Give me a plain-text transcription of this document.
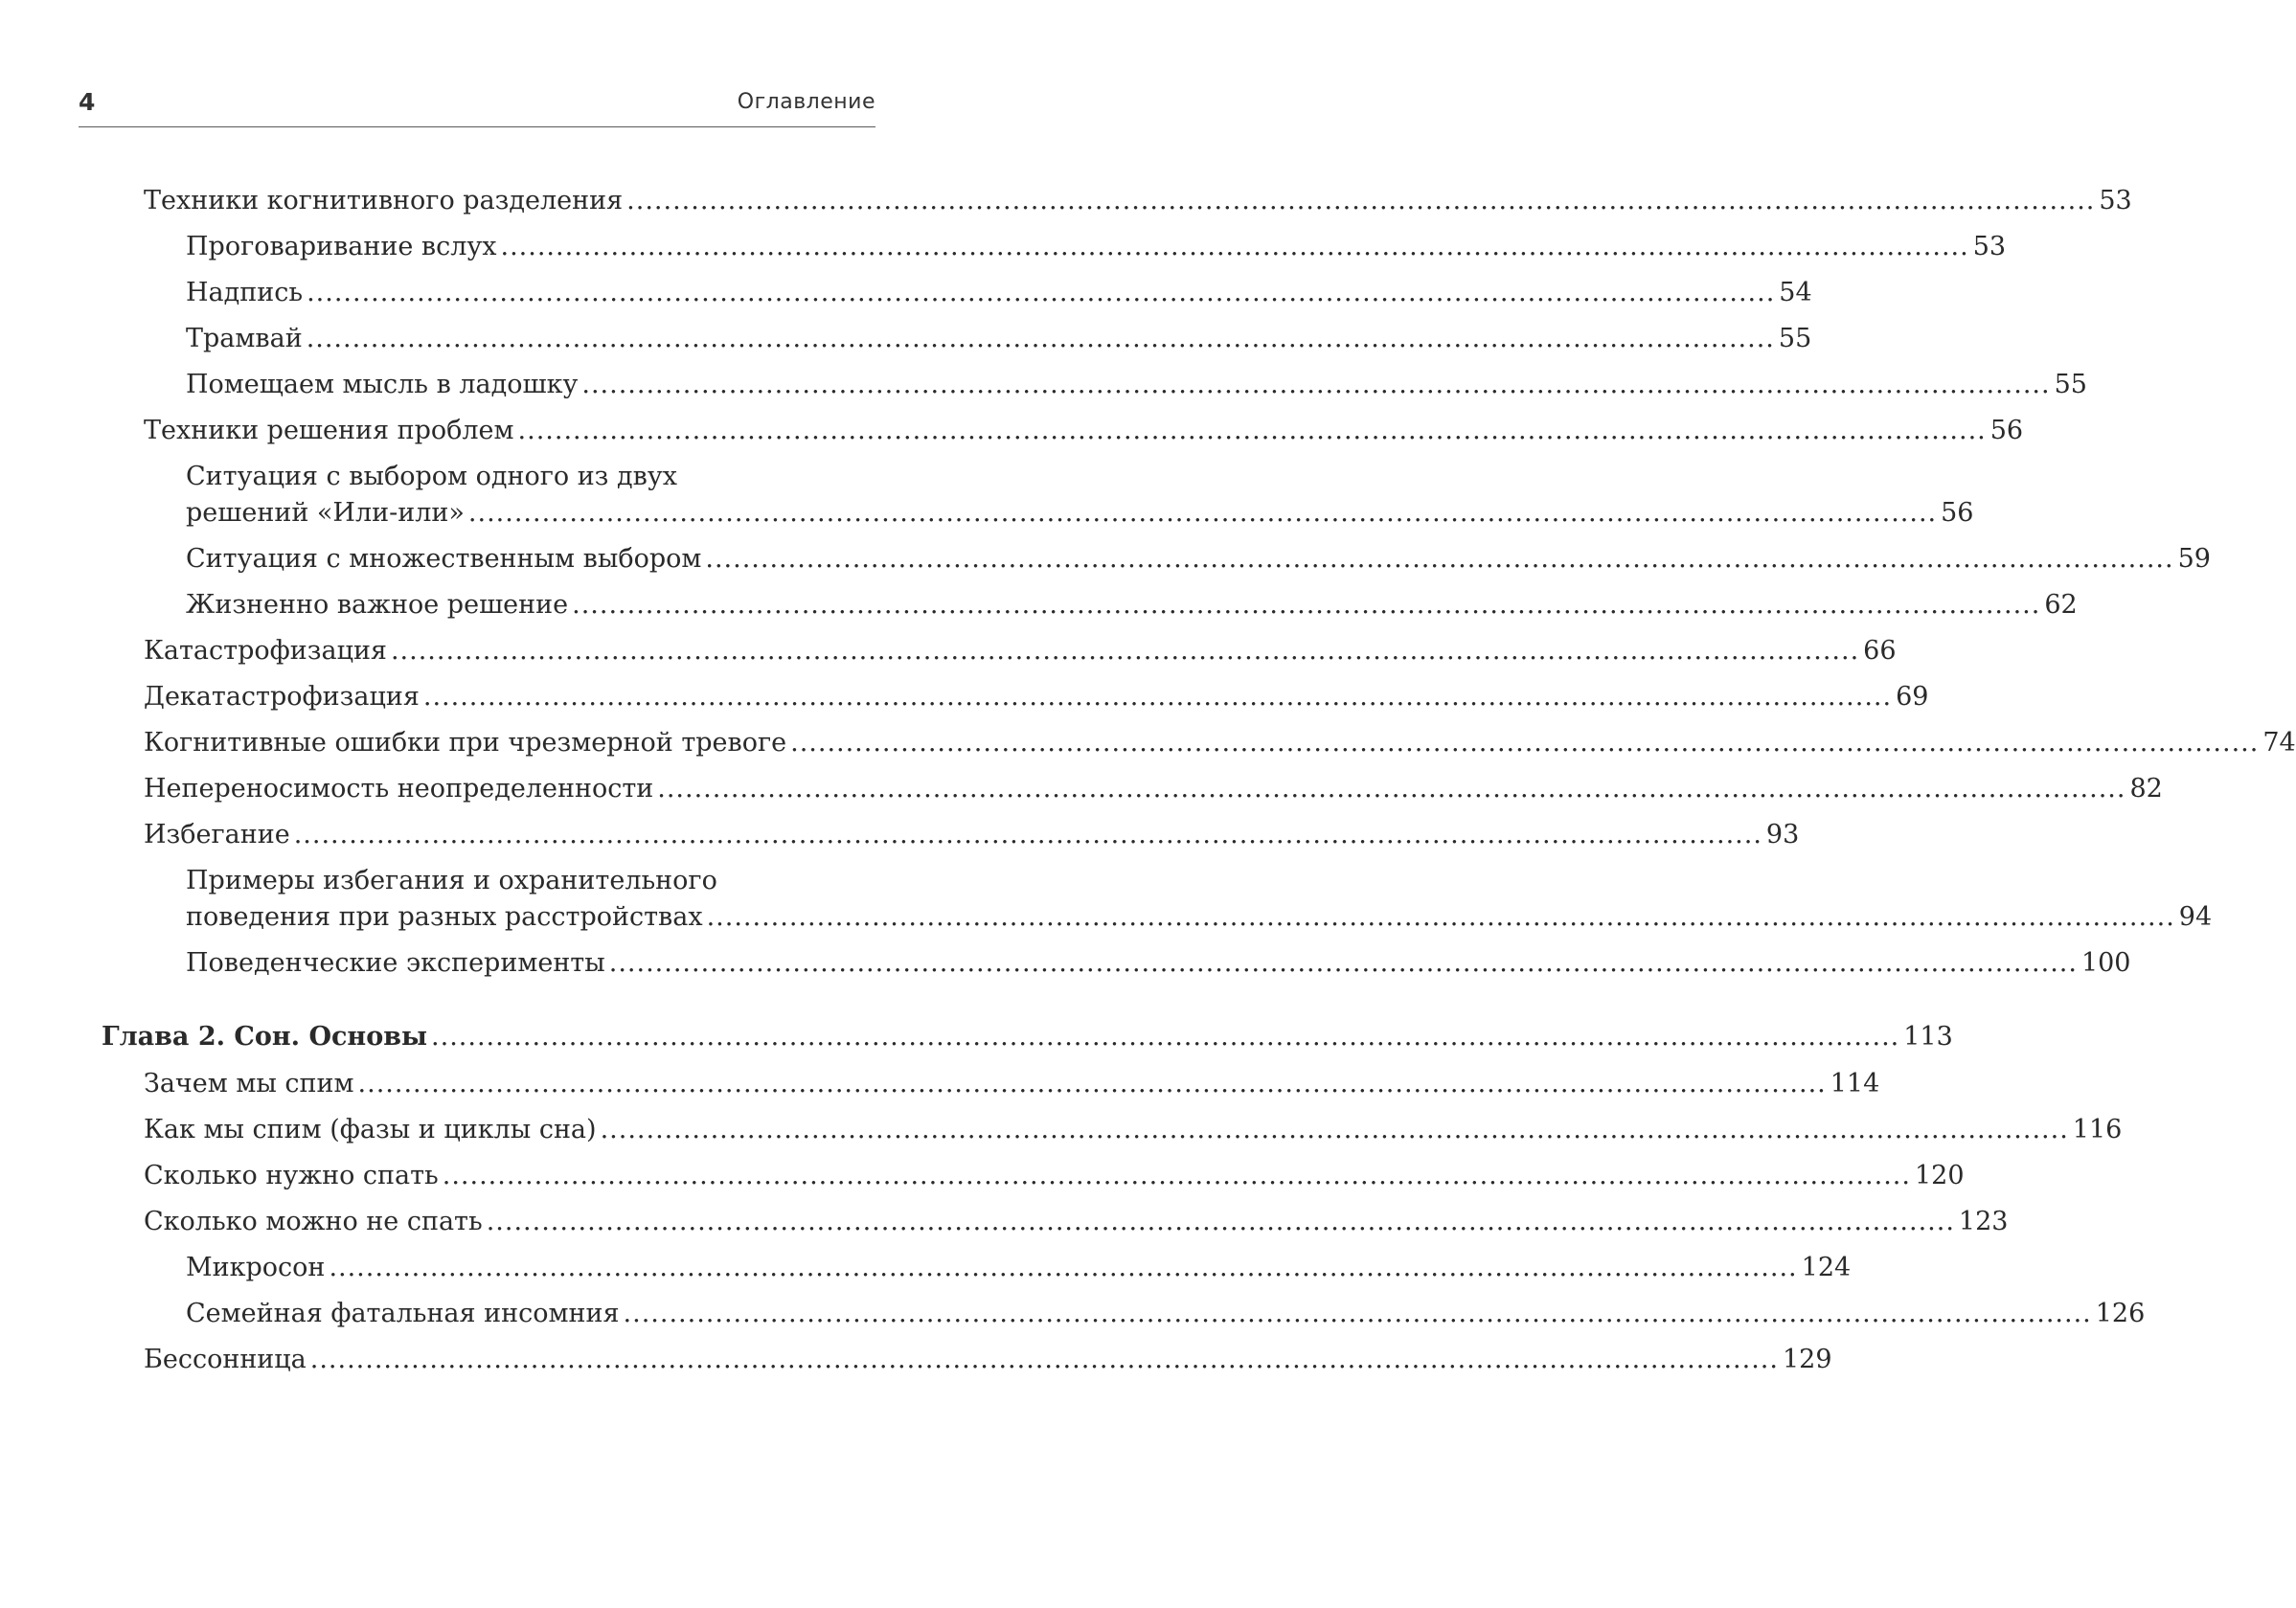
4	Оглавление
Техники когнитивного разделения ................................................................................................................................................................ 53
Проговаривание вслух ................................................................................................................................................................ 53
Надпись ................................................................................................................................................................ 54
Трамвай ................................................................................................................................................................ 55
Помещаем мысль в ладошку ................................................................................................................................................................ 55
Техники решения проблем ................................................................................................................................................................ 56
Ситуация с выбором одного из двух
решений «Или-или» ................................................................................................................................................................ 56
Ситуация с множественным выбором ................................................................................................................................................................ 59
Жизненно важное решение ................................................................................................................................................................ 62
Катастрофизация ................................................................................................................................................................ 66
Декатастрофизация ................................................................................................................................................................ 69
Когнитивные ошибки при чрезмерной тревоге ................................................................................................................................................................ 74
Непереносимость неопределенности ................................................................................................................................................................ 82
Избегание ................................................................................................................................................................ 93
Примеры избегания и охранительного
поведения при разных расстройствах ................................................................................................................................................................ 94
Поведенческие эксперименты ................................................................................................................................................................ 100
Глава 2. Сон. Основы ................................................................................................................................................................ 113
Зачем мы спим ................................................................................................................................................................ 114
Как мы спим (фазы и циклы сна) ................................................................................................................................................................ 116
Сколько нужно спать ................................................................................................................................................................ 120
Сколько можно не спать ................................................................................................................................................................ 123
Микросон ................................................................................................................................................................ 124
Семейная фатальная инсомния ................................................................................................................................................................ 126
Бессонница ................................................................................................................................................................ 129
